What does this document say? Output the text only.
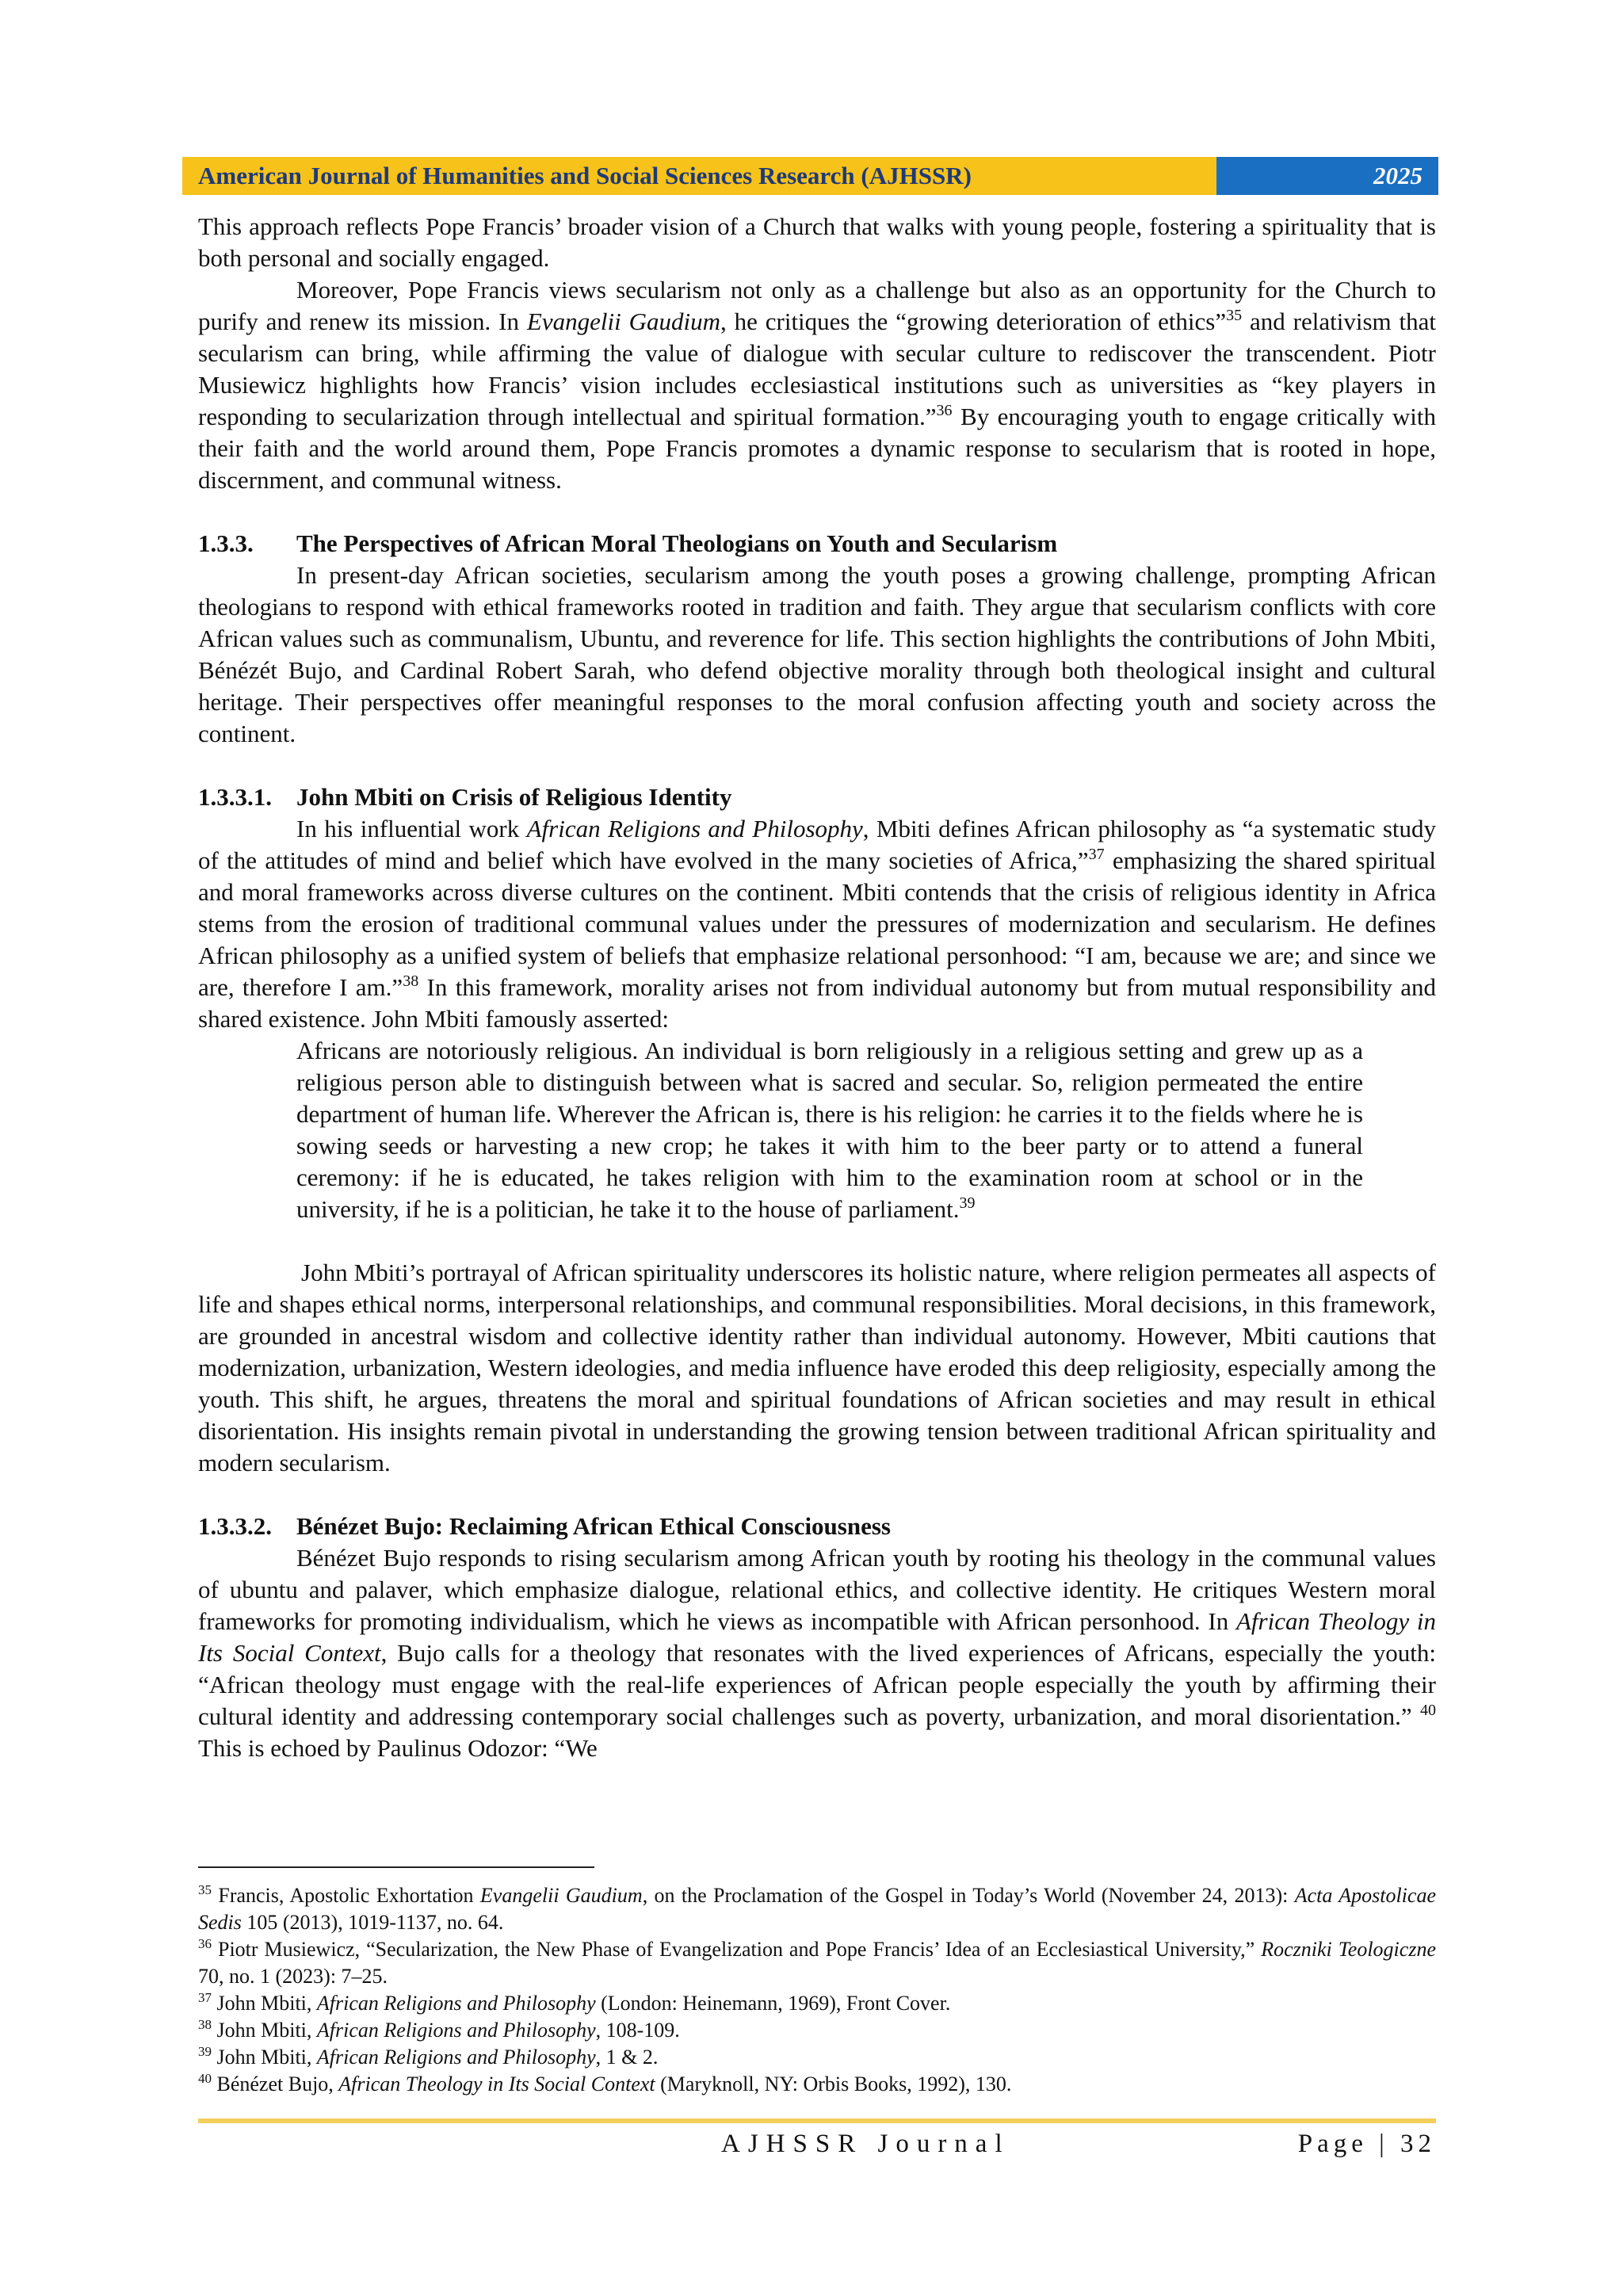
American Journal of Humanities and Social Sciences Research (AJHSSR)	2025

This approach reflects Pope Francis’ broader vision of a Church that walks with young people, fostering a spirituality that is both personal and socially engaged.

Moreover, Pope Francis views secularism not only as a challenge but also as an opportunity for the Church to purify and renew its mission. In Evangelii Gaudium, he critiques the “growing deterioration of ethics”$^{35}$ and relativism that secularism can bring, while affirming the value of dialogue with secular culture to rediscover the transcendent. Piotr Musiewicz highlights how Francis’ vision includes ecclesiastical institutions such as universities as “key players in responding to secularization through intellectual and spiritual formation.”$^{36}$ By encouraging youth to engage critically with their faith and the world around them, Pope Francis promotes a dynamic response to secularism that is rooted in hope, discernment, and communal witness.

1.3.3.	The Perspectives of African Moral Theologians on Youth and Secularism

In present-day African societies, secularism among the youth poses a growing challenge, prompting African theologians to respond with ethical frameworks rooted in tradition and faith. They argue that secularism conflicts with core African values such as communalism, Ubuntu, and reverence for life. This section highlights the contributions of John Mbiti, Bénézét Bujo, and Cardinal Robert Sarah, who defend objective morality through both theological insight and cultural heritage. Their perspectives offer meaningful responses to the moral confusion affecting youth and society across the continent.

1.3.3.1.	John Mbiti on Crisis of Religious Identity

In his influential work African Religions and Philosophy, Mbiti defines African philosophy as “a systematic study of the attitudes of mind and belief which have evolved in the many societies of Africa,”$^{37}$ emphasizing the shared spiritual and moral frameworks across diverse cultures on the continent. Mbiti contends that the crisis of religious identity in Africa stems from the erosion of traditional communal values under the pressures of modernization and secularism. He defines African philosophy as a unified system of beliefs that emphasize relational personhood: “I am, because we are; and since we are, therefore I am.”$^{38}$ In this framework, morality arises not from individual autonomy but from mutual responsibility and shared existence. John Mbiti famously asserted:

Africans are notoriously religious. An individual is born religiously in a religious setting and grew up as a religious person able to distinguish between what is sacred and secular. So, religion permeated the entire department of human life. Wherever the African is, there is his religion: he carries it to the fields where he is sowing seeds or harvesting a new crop; he takes it with him to the beer party or to attend a funeral ceremony: if he is educated, he takes religion with him to the examination room at school or in the university, if he is a politician, he take it to the house of parliament.$^{39}$

John Mbiti’s portrayal of African spirituality underscores its holistic nature, where religion permeates all aspects of life and shapes ethical norms, interpersonal relationships, and communal responsibilities. Moral decisions, in this framework, are grounded in ancestral wisdom and collective identity rather than individual autonomy. However, Mbiti cautions that modernization, urbanization, Western ideologies, and media influence have eroded this deep religiosity, especially among the youth. This shift, he argues, threatens the moral and spiritual foundations of African societies and may result in ethical disorientation. His insights remain pivotal in understanding the growing tension between traditional African spirituality and modern secularism.

1.3.3.2.	Bénézet Bujo: Reclaiming African Ethical Consciousness

Bénézet Bujo responds to rising secularism among African youth by rooting his theology in the communal values of ubuntu and palaver, which emphasize dialogue, relational ethics, and collective identity. He critiques Western moral frameworks for promoting individualism, which he views as incompatible with African personhood. In African Theology in Its Social Context, Bujo calls for a theology that resonates with the lived experiences of Africans, especially the youth: “African theology must engage with the real-life experiences of African people especially the youth by affirming their cultural identity and addressing contemporary social challenges such as poverty, urbanization, and moral disorientation.” $^{40}$ This is echoed by Paulinus Odozor: “We

$^{35}$ Francis, Apostolic Exhortation Evangelii Gaudium, on the Proclamation of the Gospel in Today’s World (November 24, 2013): Acta Apostolicae Sedis 105 (2013), 1019-1137, no. 64.

$^{36}$ Piotr Musiewicz, “Secularization, the New Phase of Evangelization and Pope Francis’ Idea of an Ecclesiastical University,” Roczniki Teologiczne 70, no. 1 (2023): 7–25.

$^{37}$ John Mbiti, African Religions and Philosophy (London: Heinemann, 1969), Front Cover.

$^{38}$ John Mbiti, African Religions and Philosophy, 108-109.

$^{39}$ John Mbiti, African Religions and Philosophy, 1 & 2.

$^{40}$ Bénézet Bujo, African Theology in Its Social Context (Maryknoll, NY: Orbis Books, 1992), 130.

AJHSSR Journal	Page | 32
